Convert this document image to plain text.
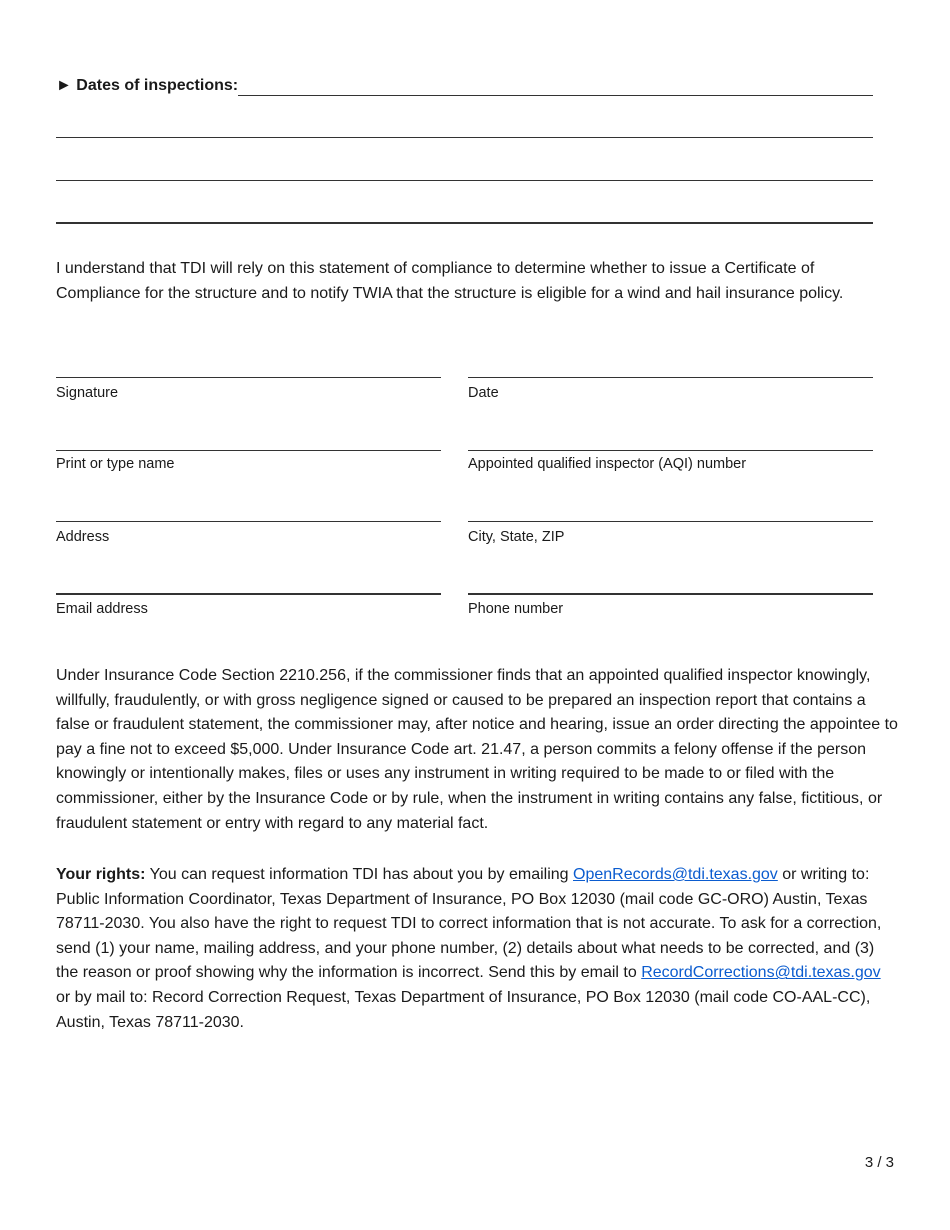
► Dates of inspections:

I understand that TDI will rely on this statement of compliance to determine whether to issue a Certificate of Compliance for the structure and to notify TWIA that the structure is eligible for a wind and hail insurance policy.

Signature	Date
Print or type name	Appointed qualified inspector (AQI) number
Address	City, State, ZIP
Email address	Phone number

Under Insurance Code Section 2210.256, if the commissioner finds that an appointed qualified inspector knowingly, willfully, fraudulently, or with gross negligence signed or caused to be prepared an inspection report that contains a false or fraudulent statement, the commissioner may, after notice and hearing, issue an order directing the appointee to pay a fine not to exceed $5,000. Under Insurance Code art. 21.47, a person commits a felony offense if the person knowingly or intentionally makes, files or uses any instrument in writing required to be made to or filed with the commissioner, either by the Insurance Code or by rule, when the instrument in writing contains any false, fictitious, or fraudulent statement or entry with regard to any material fact.

Your rights: You can request information TDI has about you by emailing OpenRecords@tdi.texas.gov or writing to: Public Information Coordinator, Texas Department of Insurance, PO Box 12030 (mail code GC-ORO) Austin, Texas 78711-2030. You also have the right to request TDI to correct information that is not accurate. To ask for a correction, send (1) your name, mailing address, and your phone number, (2) details about what needs to be corrected, and (3) the reason or proof showing why the information is incorrect. Send this by email to RecordCorrections@tdi.texas.gov or by mail to: Record Correction Request, Texas Department of Insurance, PO Box 12030 (mail code CO-AAL-CC), Austin, Texas 78711-2030.

3 / 3
